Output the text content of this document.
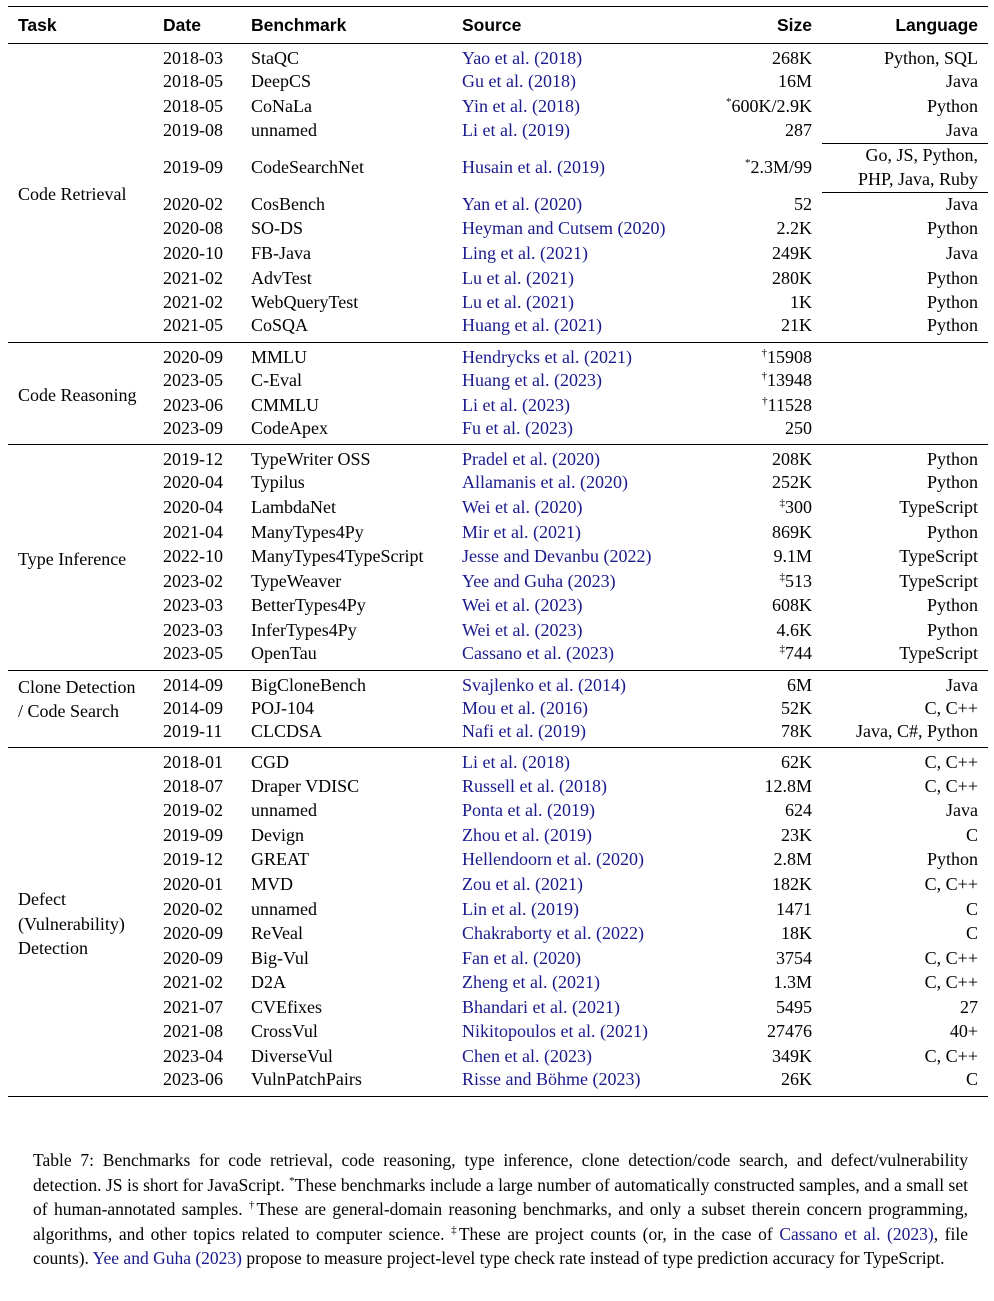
Task	Date	Benchmark	Source	Size	Language
Code Retrieval	2018-03	StaQC	Yao et al. (2018)	268K	Python, SQL
	2018-05	DeepCS	Gu et al. (2018)	16M	Java
	2018-05	CoNaLa	Yin et al. (2018)	*600K/2.9K	Python
	2019-08	unnamed	Li et al. (2019)	287	Java
	2019-09	CodeSearchNet	Husain et al. (2019)	*2.3M/99	Go, JS, Python, PHP, Java, Ruby
	2020-02	CosBench	Yan et al. (2020)	52	Java
	2020-08	SO-DS	Heyman and Cutsem (2020)	2.2K	Python
	2020-10	FB-Java	Ling et al. (2021)	249K	Java
	2021-02	AdvTest	Lu et al. (2021)	280K	Python
	2021-02	WebQueryTest	Lu et al. (2021)	1K	Python
	2021-05	CoSQA	Huang et al. (2021)	21K	Python
Code Reasoning	2020-09	MMLU	Hendrycks et al. (2021)	†15908	
	2023-05	C-Eval	Huang et al. (2023)	†13948	
	2023-06	CMMLU	Li et al. (2023)	†11528	
	2023-09	CodeApex	Fu et al. (2023)	250	
Type Inference	2019-12	TypeWriter OSS	Pradel et al. (2020)	208K	Python
	2020-04	Typilus	Allamanis et al. (2020)	252K	Python
	2020-04	LambdaNet	Wei et al. (2020)	‡300	TypeScript
	2021-04	ManyTypes4Py	Mir et al. (2021)	869K	Python
	2022-10	ManyTypes4TypeScript	Jesse and Devanbu (2022)	9.1M	TypeScript
	2023-02	TypeWeaver	Yee and Guha (2023)	‡513	TypeScript
	2023-03	BetterTypes4Py	Wei et al. (2023)	608K	Python
	2023-03	InferTypes4Py	Wei et al. (2023)	4.6K	Python
	2023-05	OpenTau	Cassano et al. (2023)	‡744	TypeScript
Clone Detection / Code Search	2014-09	BigCloneBench	Svajlenko et al. (2014)	6M	Java
	2014-09	POJ-104	Mou et al. (2016)	52K	C, C++
	2019-11	CLCDSA	Nafi et al. (2019)	78K	Java, C#, Python
Defect (Vulnerability) Detection	2018-01	CGD	Li et al. (2018)	62K	C, C++
	2018-07	Draper VDISC	Russell et al. (2018)	12.8M	C, C++
	2019-02	unnamed	Ponta et al. (2019)	624	Java
	2019-09	Devign	Zhou et al. (2019)	23K	C
	2019-12	GREAT	Hellendoorn et al. (2020)	2.8M	Python
	2020-01	MVD	Zou et al. (2021)	182K	C, C++
	2020-02	unnamed	Lin et al. (2019)	1471	C
	2020-09	ReVeal	Chakraborty et al. (2022)	18K	C
	2020-09	Big-Vul	Fan et al. (2020)	3754	C, C++
	2021-02	D2A	Zheng et al. (2021)	1.3M	C, C++
	2021-07	CVEfixes	Bhandari et al. (2021)	5495	27
	2021-08	CrossVul	Nikitopoulos et al. (2021)	27476	40+
	2023-04	DiverseVul	Chen et al. (2023)	349K	C, C++
	2023-06	VulnPatchPairs	Risse and Böhme (2023)	26K	C
Table 7: Benchmarks for code retrieval, code reasoning, type inference, clone detection/code search, and defect/vulnerability detection. JS is short for JavaScript. *These benchmarks include a large number of automatically constructed samples, and a small set of human-annotated samples. †These are general-domain reasoning benchmarks, and only a subset therein concern programming, algorithms, and other topics related to computer science. ‡These are project counts (or, in the case of Cassano et al. (2023), file counts). Yee and Guha (2023) propose to measure project-level type check rate instead of type prediction accuracy for TypeScript.
